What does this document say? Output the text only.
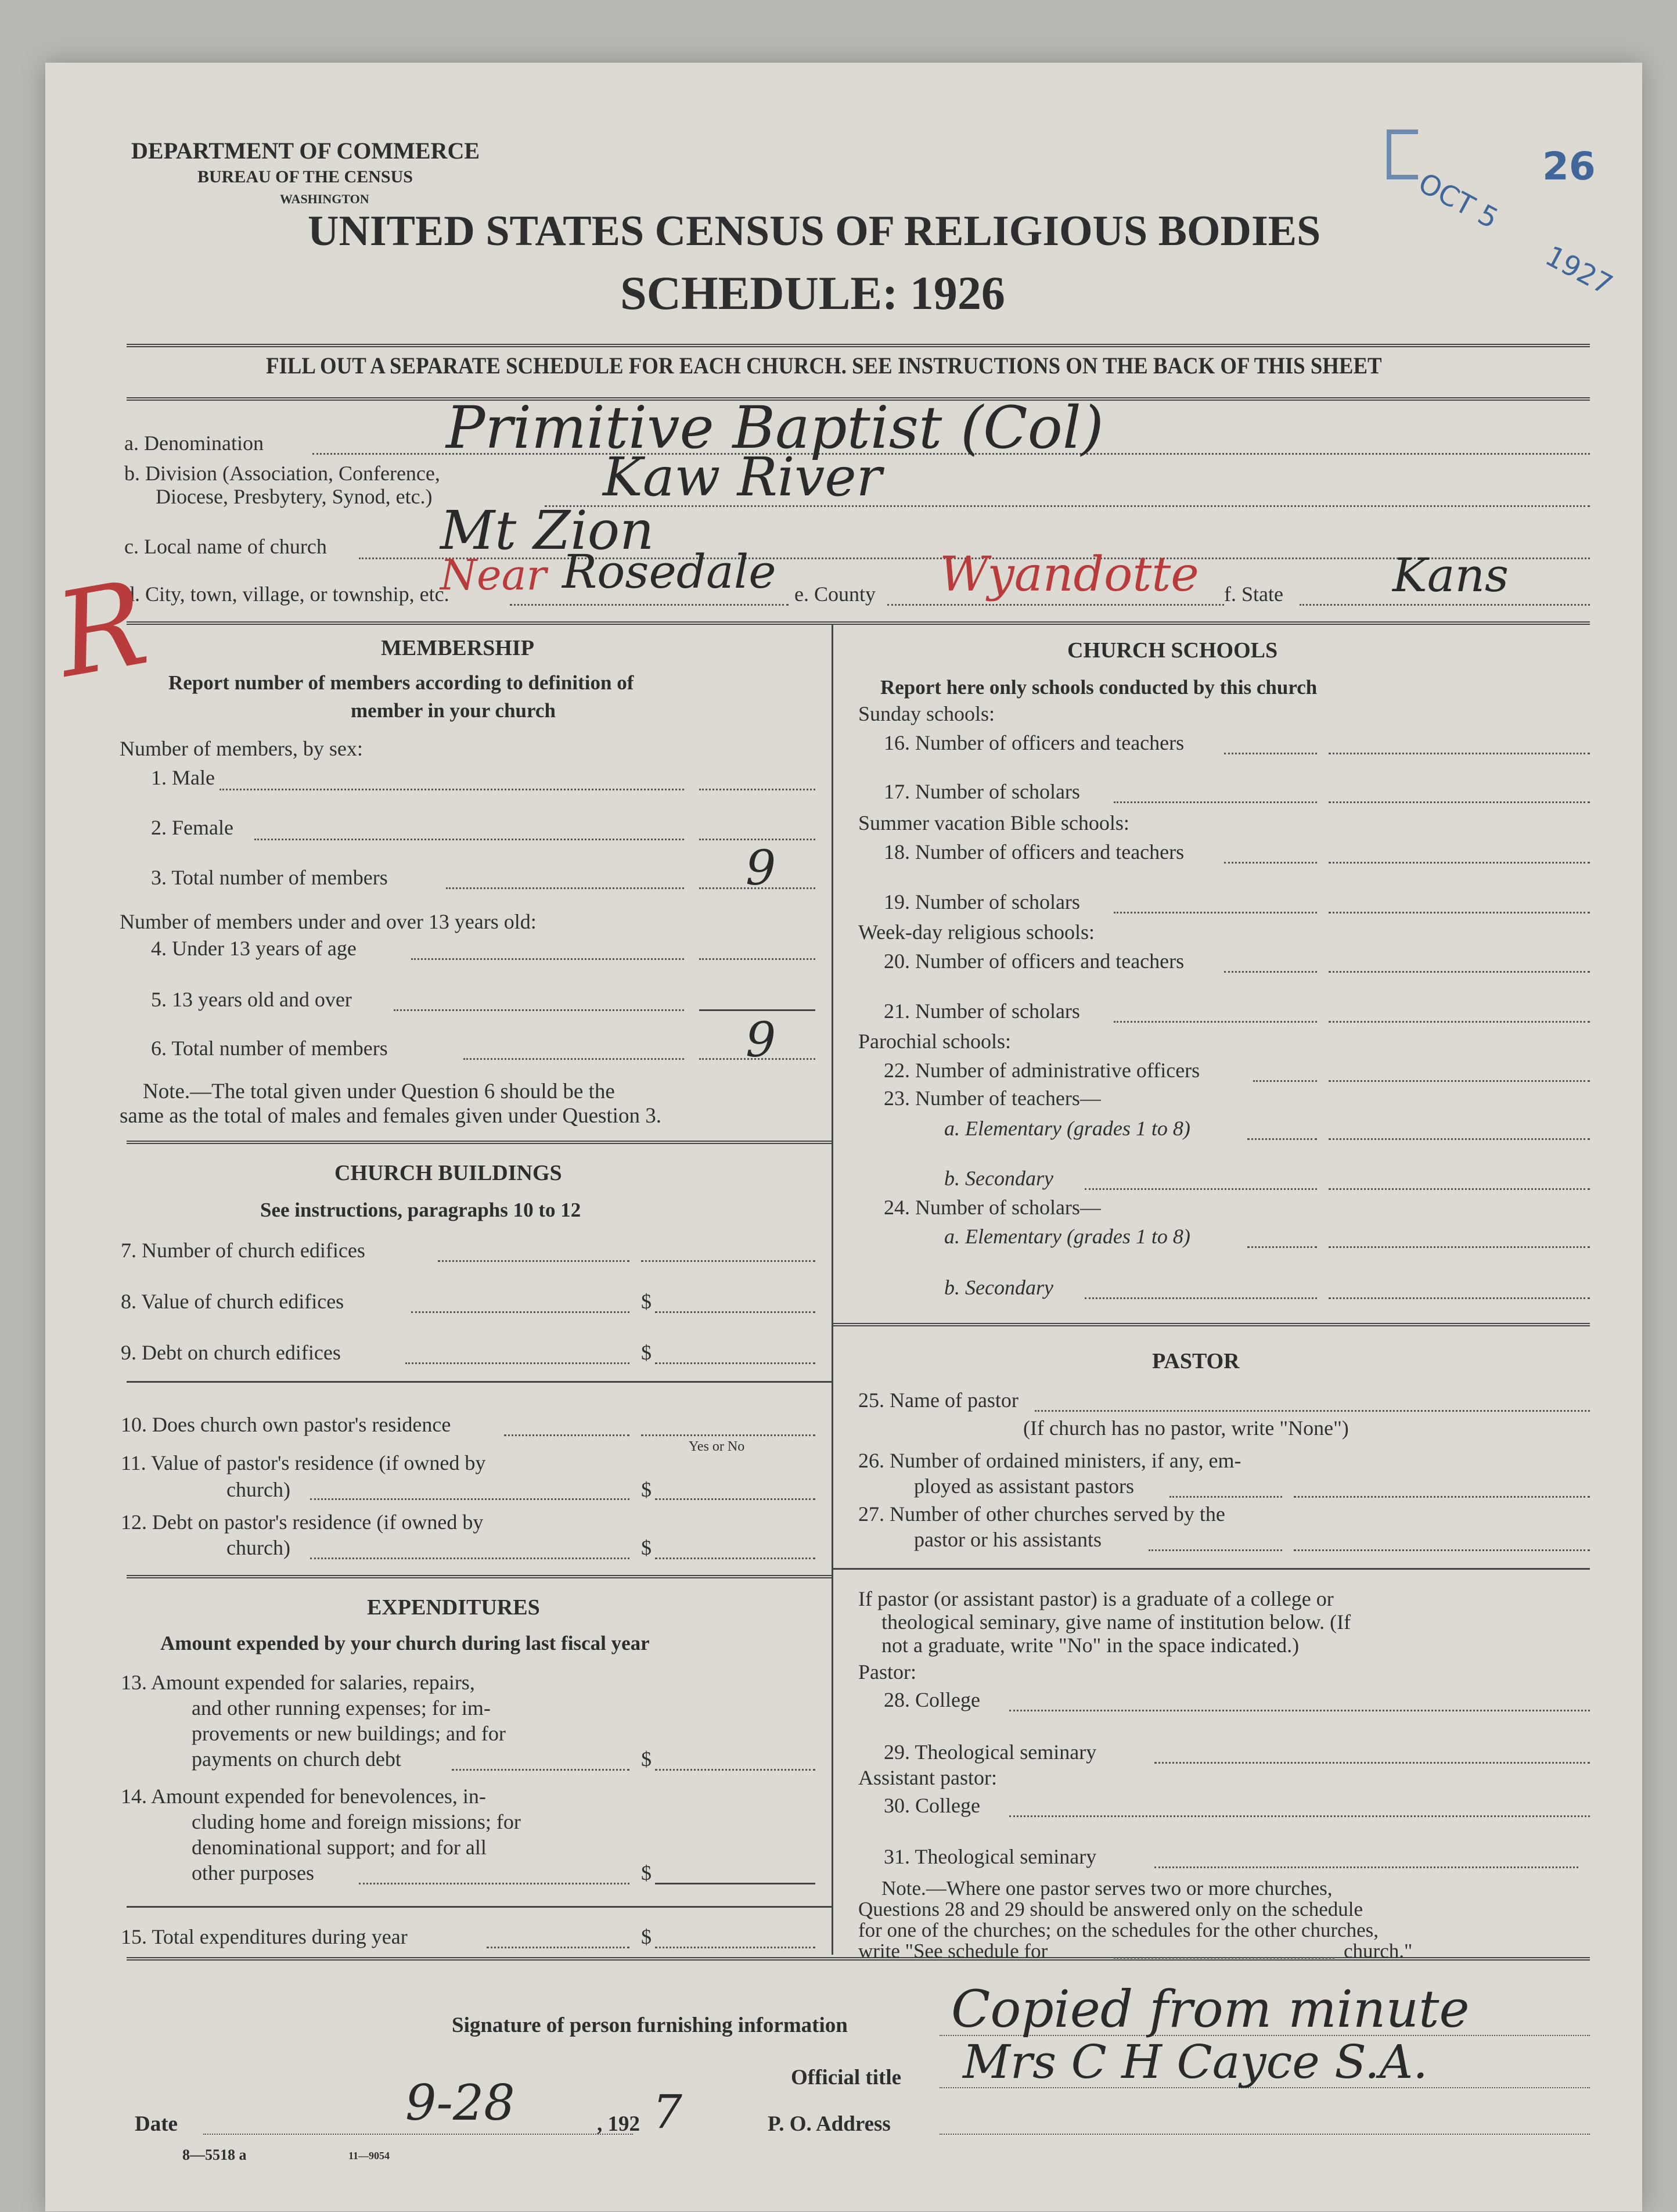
DEPARTMENT OF COMMERCE
BUREAU OF THE CENSUS
WASHINGTON
UNITED STATES CENSUS OF RELIGIOUS BODIES
SCHEDULE: 1926
26
OCT 5
1927
FILL OUT A SEPARATE SCHEDULE FOR EACH CHURCH. SEE INSTRUCTIONS ON THE BACK OF THIS SHEET
a. Denomination	Primitive Baptist (Col)
b. Division (Association, Conference,
Diocese, Presbytery, Synod, etc.)	Kaw River
c. Local name of church Mt Zion
d. City, town, village, or township, etc.
Near Rosedale e. County Wyandotte f. State Kans
R	MEMBERSHIP
Report number of members according to definition of
member in your church
Number of members, by sex:
1. Male
2. Female
3. Total number of members	9
Number of members under and over 13 years old:
4. Under 13 years of age
5. 13 years old and over
6. Total number of members	9
Note.—The total given under Question 6 should be the
same as the total of males and females given under Question 3.
CHURCH BUILDINGS
See instructions, paragraphs 10 to 12
7. Number of church edifices
8. Value of church edifices	$
9. Debt on church edifices	$
10. Does church own pastor's residence
Yes or No
11. Value of pastor's residence (if owned by
church)	$
12. Debt on pastor's residence (if owned by
church)	$
EXPENDITURES
Amount expended by your church during last fiscal year
13. Amount expended for salaries, repairs,
and other running expenses; for im-
provements or new buildings; and for
payments on church debt	$
14. Amount expended for benevolences, in-
cluding home and foreign missions; for
denominational support; and for all
other purposes	$
15. Total expenditures during year	$
CHURCH SCHOOLS
Report here only schools conducted by this church
Sunday schools:
16. Number of officers and teachers
17. Number of scholars
Summer vacation Bible schools:
18. Number of officers and teachers
19. Number of scholars
Week-day religious schools:
20. Number of officers and teachers
21. Number of scholars
Parochial schools:
22. Number of administrative officers
23. Number of teachers—
a. Elementary (grades 1 to 8)
b. Secondary
24. Number of scholars—
a. Elementary (grades 1 to 8)
b. Secondary
PASTOR
25. Name of pastor
(If church has no pastor, write "None")
26. Number of ordained ministers, if any, em-
ployed as assistant pastors
27. Number of other churches served by the
pastor or his assistants
If pastor (or assistant pastor) is a graduate of a college or
theological seminary, give name of institution below. (If
not a graduate, write "No" in the space indicated.)
Pastor:
28. College
29. Theological seminary
Assistant pastor:
30. College
31. Theological seminary
Note.—Where one pastor serves two or more churches,
Questions 28 and 29 should be answered only on the schedule
for one of the churches; on the schedules for the other churches,
write "See schedule for	church."
Signature of person furnishing information Copied from minute
Official title Mrs C H Cayce S.A.
Date	9-28	, 192 7	P. O. Address
8—5518 a	11—9054
